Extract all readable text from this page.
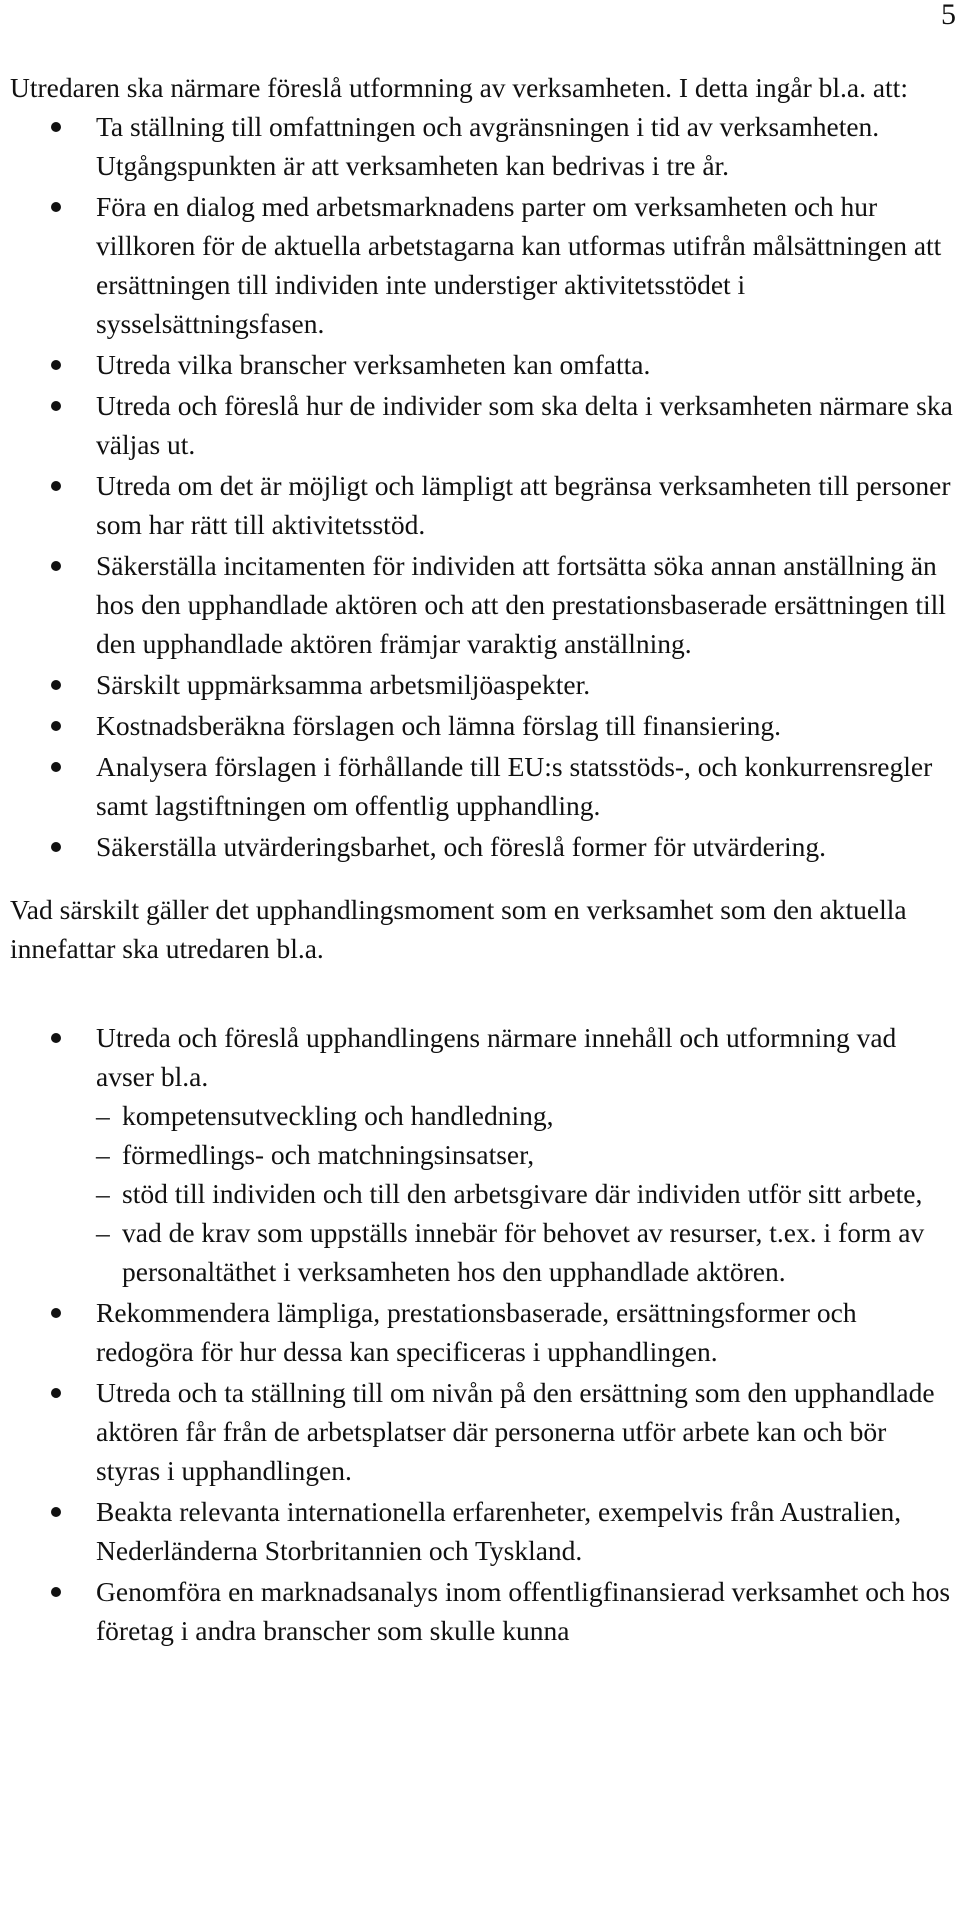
5

Utredaren ska närmare föreslå utformning av verksamheten. I detta ingår bl.a. att:

Ta ställning till omfattningen och avgränsningen i tid av verksamheten. Utgångspunkten är att verksamheten kan bedrivas i tre år.
Föra en dialog med arbetsmarknadens parter om verksamheten och hur villkoren för de aktuella arbetstagarna kan utformas utifrån målsättningen att ersättningen till individen inte understiger aktivitetsstödet i sysselsättningsfasen.
Utreda vilka branscher verksamheten kan omfatta.
Utreda och föreslå hur de individer som ska delta i verksamheten närmare ska väljas ut.
Utreda om det är möjligt och lämpligt att begränsa verksamheten till personer som har rätt till aktivitetsstöd.
Säkerställa incitamenten för individen att fortsätta söka annan anställning än hos den upphandlade aktören och att den prestationsbaserade ersättningen till den upphandlade aktören främjar varaktig anställning.
Särskilt uppmärksamma arbetsmiljöaspekter.
Kostnadsberäkna förslagen och lämna förslag till finansiering.
Analysera förslagen i förhållande till EU:s statsstöds-, och konkurrensregler samt lagstiftningen om offentlig upphandling.
Säkerställa utvärderingsbarhet, och föreslå former för utvärdering.

Vad särskilt gäller det upphandlingsmoment som en verksamhet som den aktuella innefattar ska utredaren bl.a.

Utreda och föreslå upphandlingens närmare innehåll och utformning vad avser bl.a.
– kompetensutveckling och handledning,
– förmedlings- och matchningsinsatser,
– stöd till individen och till den arbetsgivare där individen utför sitt arbete,
– vad de krav som uppställs innebär för behovet av resurser, t.ex. i form av personaltäthet i verksamheten hos den upphandlade aktören.
Rekommendera lämpliga, prestationsbaserade, ersättningsformer och redogöra för hur dessa kan specificeras i upphandlingen.
Utreda och ta ställning till om nivån på den ersättning som den upphandlade aktören får från de arbetsplatser där personerna utför arbete kan och bör styras i upphandlingen.
Beakta relevanta internationella erfarenheter, exempelvis från Australien, Nederländerna Storbritannien och Tyskland.
Genomföra en marknadsanalys inom offentligfinansierad verksamhet och hos företag i andra branscher som skulle kunna
